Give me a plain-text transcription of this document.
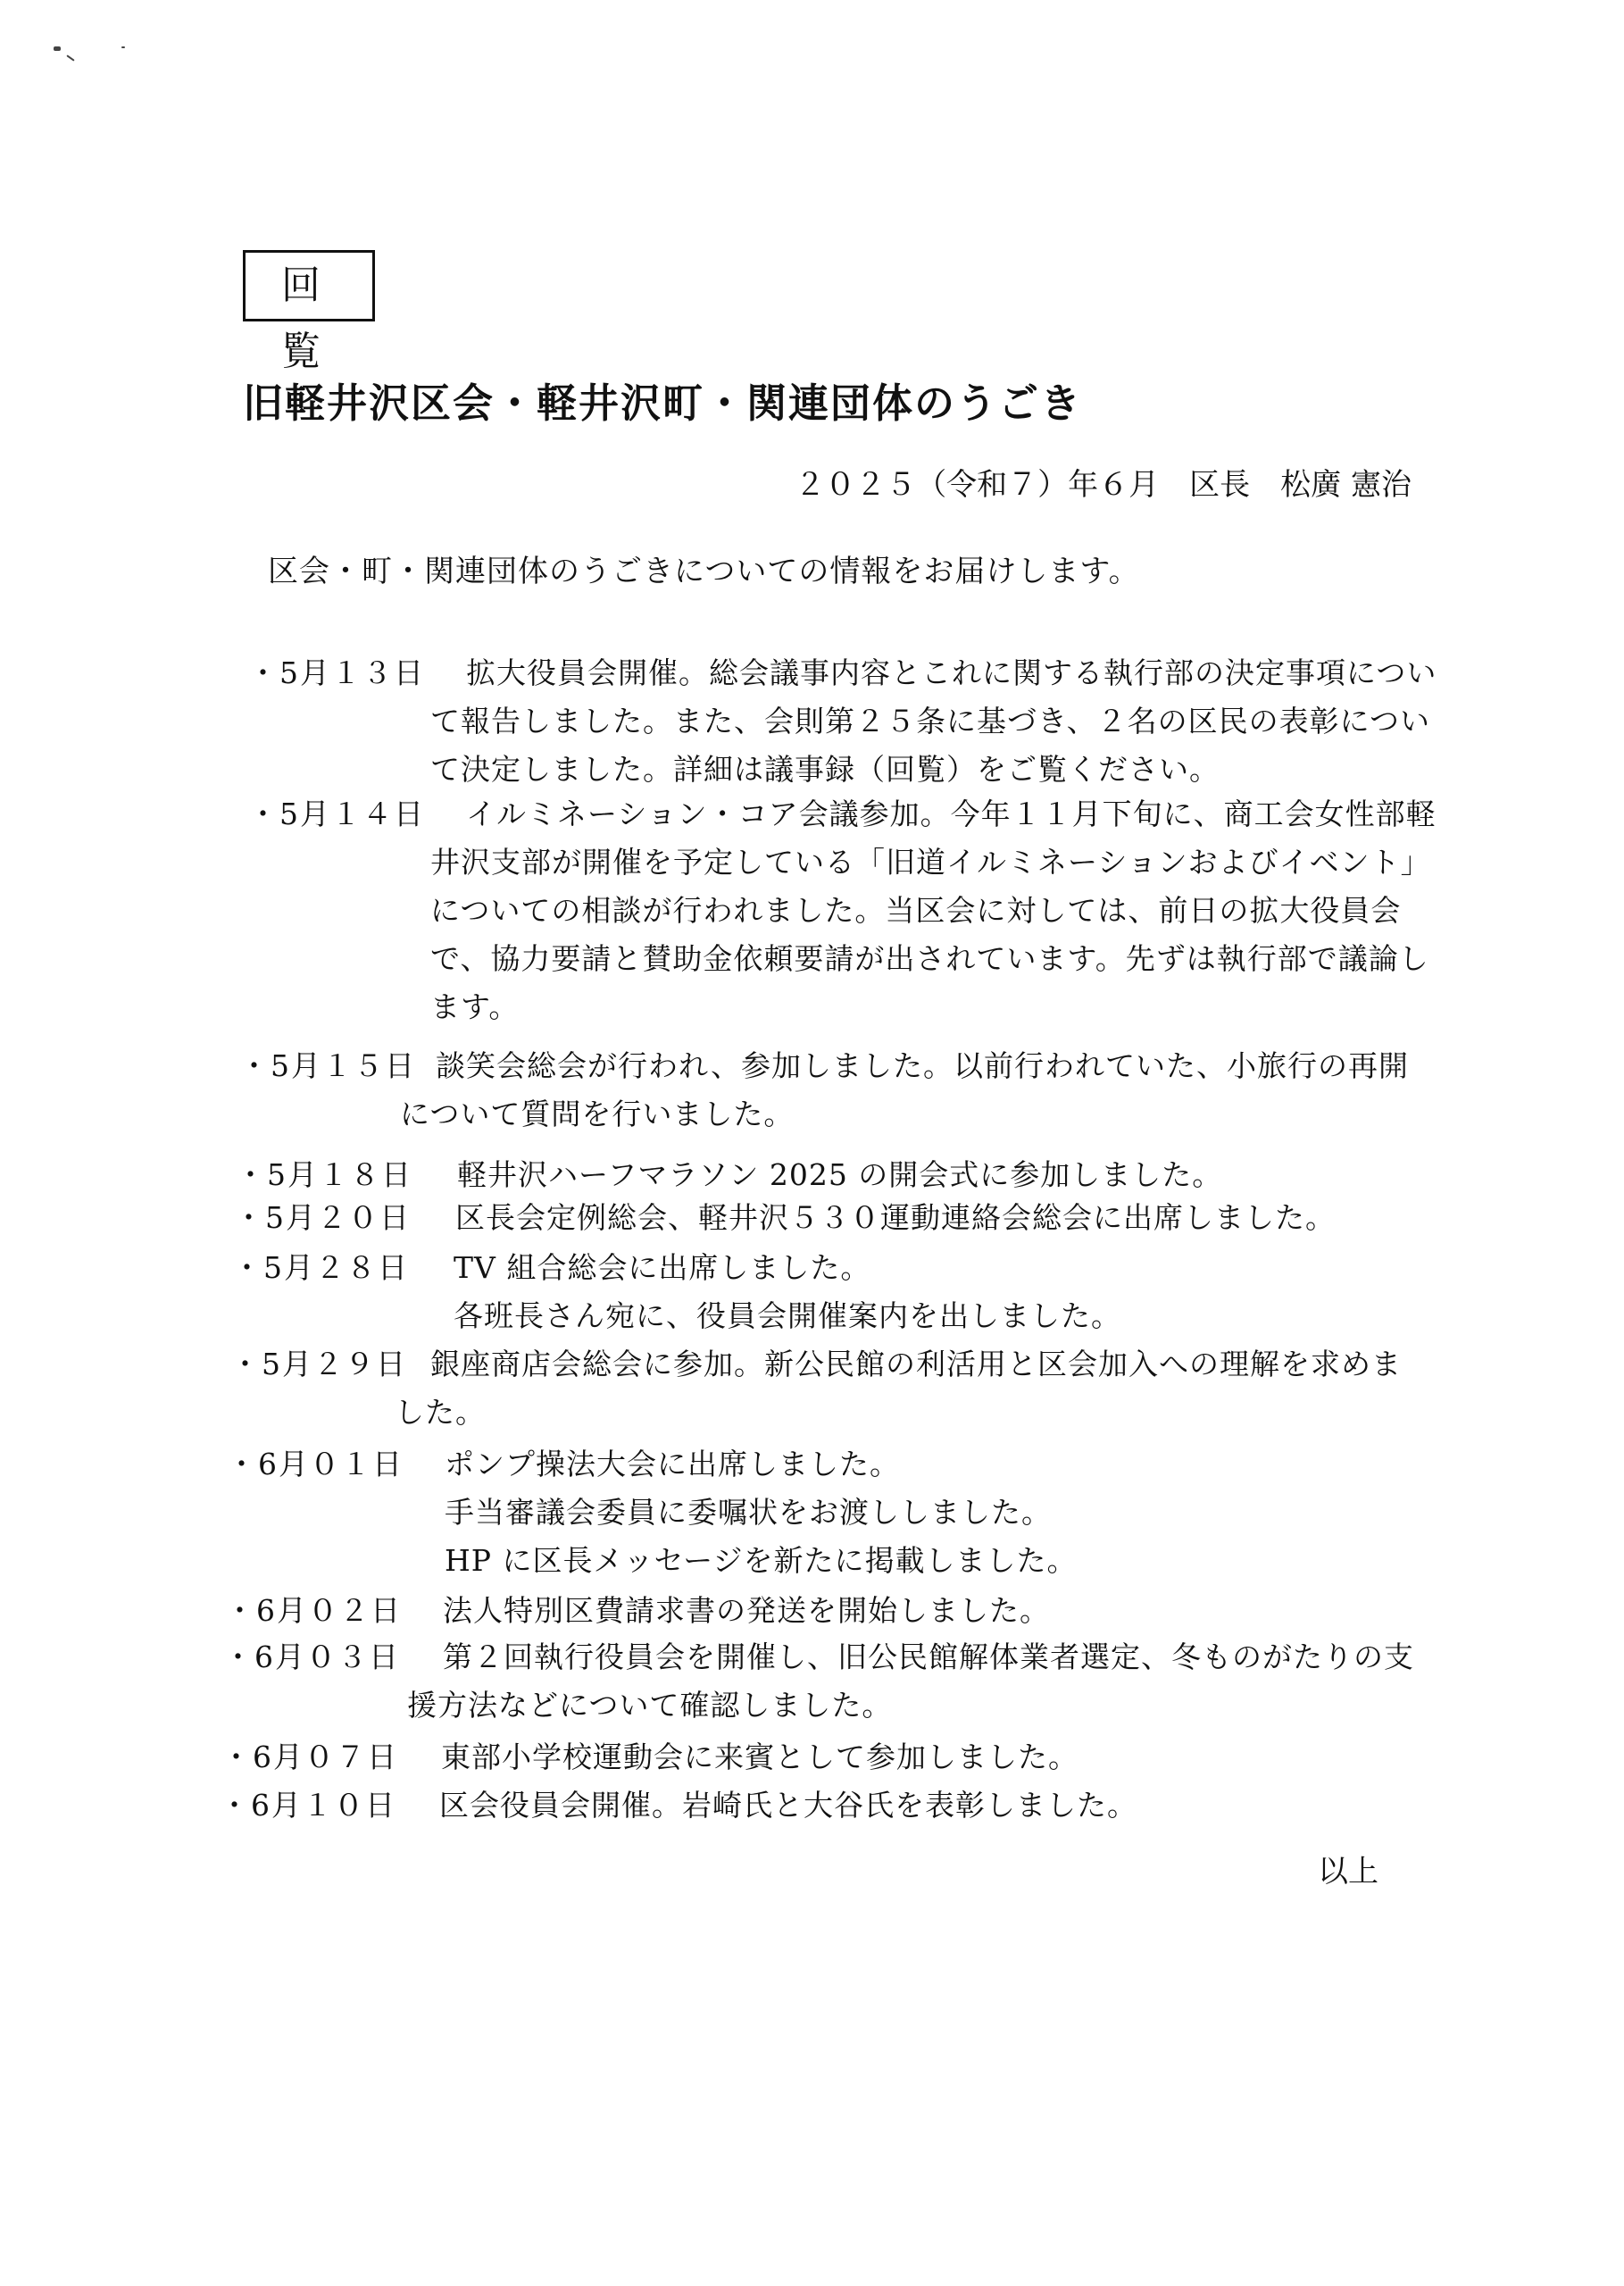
回 覧
旧軽井沢区会・軽井沢町・関連団体のうごき
２０２５（令和７）年６月　区長　松廣 憲治
区会・町・関連団体のうごきについての情報をお届けします。
・5月１３日 拡大役員会開催。総会議事内容とこれに関する執行部の決定事項につい
て報告しました。また、会則第２５条に基づき、２名の区民の表彰につい
て決定しました。詳細は議事録（回覧）をご覧ください。
・5月１４日 イルミネーション・コア会議参加。今年１１月下旬に、商工会女性部軽
井沢支部が開催を予定している「旧道イルミネーションおよびイベント」
についての相談が行われました。当区会に対しては、前日の拡大役員会
で、協力要請と賛助金依頼要請が出されています。先ずは執行部で議論し
ます。
・5月１５日 談笑会総会が行われ、参加しました。以前行われていた、小旅行の再開
について質問を行いました。
・5月１８日 軽井沢ハーフマラソン 2025 の開会式に参加しました。
・5月２０日 区長会定例総会、軽井沢５３０運動連絡会総会に出席しました。
・5月２８日 TV 組合総会に出席しました。
各班長さん宛に、役員会開催案内を出しました。
・5月２９日 銀座商店会総会に参加。新公民館の利活用と区会加入への理解を求めま
した。
・6月０１日 ポンプ操法大会に出席しました。
手当審議会委員に委嘱状をお渡ししました。
HP に区長メッセージを新たに掲載しました。
・6月０２日 法人特別区費請求書の発送を開始しました。
・6月０３日 第２回執行役員会を開催し、旧公民館解体業者選定、冬ものがたりの支
援方法などについて確認しました。
・6月０７日 東部小学校運動会に来賓として参加しました。
・6月１０日 区会役員会開催。岩崎氏と大谷氏を表彰しました。
以上
